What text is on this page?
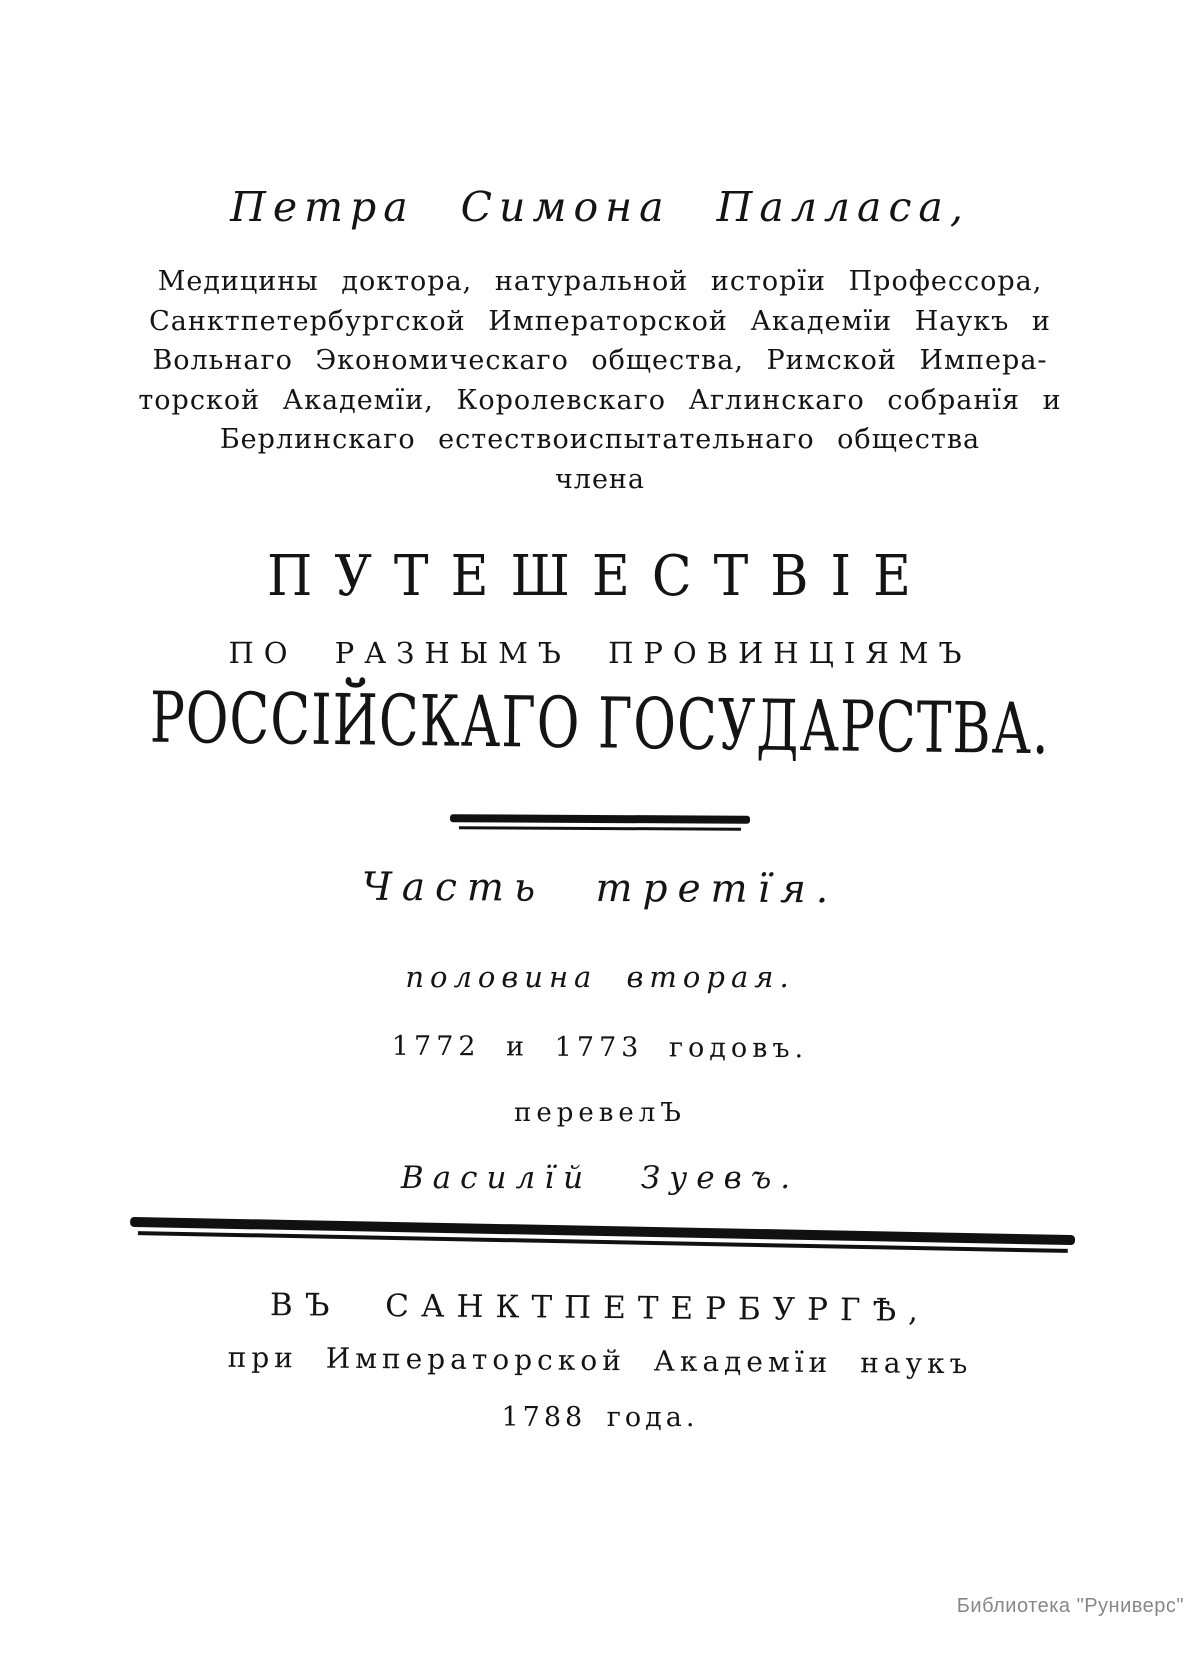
Петра Симона Палласа,
Медицины доктора, натуральной исторїи Профессора,
Санктпетербургской Императорской Академїи Наукъ и
Вольнаго Экономическаго общества, Римской Импера-
торской Академїи, Королевскаго Аглинскаго собранїя и
Берлинскаго естествоиспытательнаго общества
члена
ПУТЕШЕСТВІЕ
ПО РАЗНЫМЪ ПРОВИНЦІЯМЪ
РОССІЙСКАГО ГОСУДАРСТВА.
Часть третїя.
половина вторая.
1772 и 1773 годовъ.
перевелЪ
Василїй Зуевъ.
ВЪ САНКТПЕТЕРБУРГѢ,
при Императорской Академїи наукъ
1788 года.
Библиотека "Руниверс"
